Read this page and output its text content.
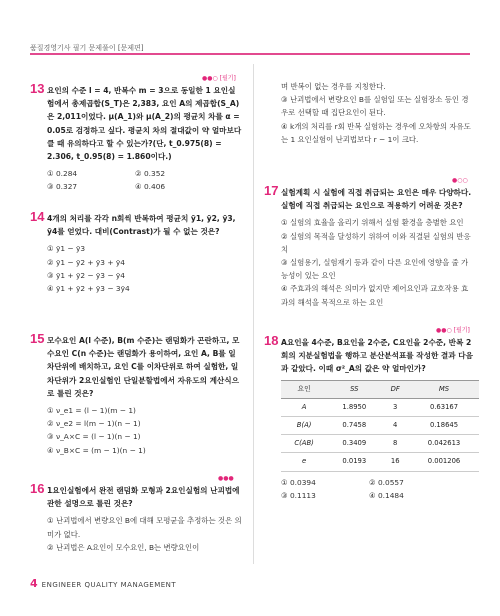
품질경영기사 필기 문제풀이 [문제편]
13
●●○ [필기]
요인의 수준 l = 4, 반복수 m = 3으로 동일한 1 요인실험에서 총제곱합(S_T)은 2,383, 요인 A의 제곱합(S_A)은 2,011이었다. μ(A_1)와 μ(A_2)의 평균치 차를 α = 0.05로 검정하고 싶다. 평균치 차의 절대값이 약 얼마보다 클 때 유의하다고 할 수 있는가?(단, t_0.975(8) = 2.306, t_0.95(8) = 1.860이다.)
① 0.284	② 0.352
③ 0.327	④ 0.406
14 4개의 처리를 각각 n회씩 반복하여 평균치 ȳ1, ȳ2, ȳ3, ȳ4를 얻었다. 대비(Contrast)가 될 수 없는 것은?
① ȳ1 − ȳ3
② ȳ1 − ȳ2 + ȳ3 + ȳ4
③ ȳ1 + ȳ2 − ȳ3 − ȳ4
④ ȳ1 + ȳ2 + ȳ3 − 3ȳ4
15 모수요인 A(l 수준), B(m 수준)는 랜덤화가 곤란하고, 모수요인 C(n 수준)는 랜덤화가 용이하여, 요인 A, B를 일차단위에 배치하고, 요인 C를 이차단위로 하여 실험한, 일차단위가 2요인실험인 단일분할법에서 자유도의 계산식으로 틀린 것은?
① ν_e1 = (l − 1)(m − 1)
② ν_e2 = l(m − 1)(n − 1)
③ ν_A×C = (l − 1)(n − 1)
④ ν_B×C = (m − 1)(n − 1)
16
●●●
1요인실험에서 완전 랜덤화 모형과 2요인실험의 난괴법에 관한 설명으로 틀린 것은?
① 난괴법에서 변량요인 B에 대해 모평균을 추정하는 것은 의미가 없다.
② 난괴법은 A요인이 모수요인, B는 변량요인이
며 반복이 없는 경우를 지칭한다.
③ 난괴법에서 변량요인 B를 실험일 또는 실험장소 등인 경우로 선택할 때 집단요인이 된다.
④ k개의 처리를 r회 반복 실험하는 경우에 오차항의 자유도는 1 요인실험이 난괴법보다 r − 1이 크다.
17
●○○
실험계획 시 실험에 직접 취급되는 요인은 매우 다양하다. 실험에 직접 취급되는 요인으로 적용하기 어려운 것은?
① 실험의 효율을 올리기 위해서 실험 환경을 층별한 요인
② 실험의 목적을 달성하기 위하여 이와 직결된 실험의 반응치
③ 실험용기, 실험재기 등과 같이 다른 요인에 영향을 줄 가능성이 있는 요인
④ 주효과의 해석은 의미가 없지만 제어요인과 교호작용 효과의 해석을 목적으로 하는 요인
18
●●○ [필기]
A요인을 4수준, B요인을 2수준, C요인을 2수준, 반복 2회의 지분실험법을 행하고 분산분석표를 작성한 결과 다음과 같았다. 이때 σ²_A의 값은 약 얼마인가?
요인	SS	DF	MS
A	1.8950	3	0.63167
B(A)	0.7458	4	0.18645
C(AB)	0.3409	8	0.042613
e	0.0193	16	0.001206
① 0.0394	② 0.0557
③ 0.1113	④ 0.1484
4 ENGINEER QUALITY MANAGEMENT
